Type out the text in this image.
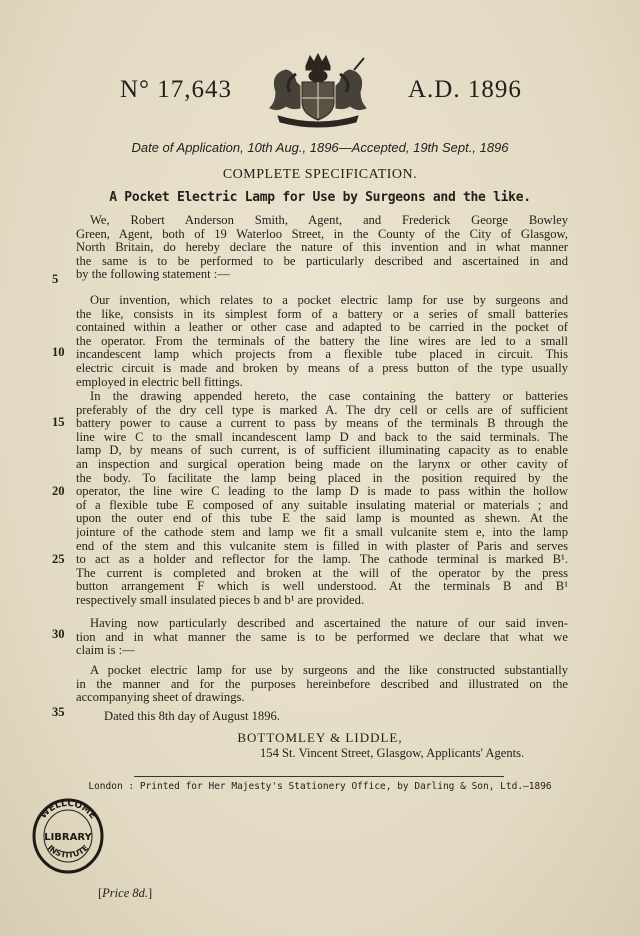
N° 17,643	A.D. 1896
Date of Application, 10th Aug., 1896—Accepted, 19th Sept., 1896
COMPLETE SPECIFICATION.
A Pocket Electric Lamp for Use by Surgeons and the like.
We, Robert Anderson Smith, Agent, and Frederick George Bowley
Green, Agent, both of 19 Waterloo Street, in the County of the City of Glasgow,
North Britain, do hereby declare the nature of this invention and in what manner
the same is to be performed to be particularly described and ascertained in and
by the following statement :—
Our invention, which relates to a pocket electric lamp for use by surgeons and
the like, consists in its simplest form of a battery or a series of small batteries
contained within a leather or other case and adapted to be carried in the pocket of
the operator. From the terminals of the battery the line wires are led to a small
incandescent lamp which projects from a flexible tube placed in circuit. This
electric circuit is made and broken by means of a press button of the type usually
employed in electric bell fittings.
In the drawing appended hereto, the case containing the battery or batteries
preferably of the dry cell type is marked A. The dry cell or cells are of sufficient
battery power to cause a current to pass by means of the terminals B through the
line wire C to the small incandescent lamp D and back to the said terminals. The
lamp D, by means of such current, is of sufficient illuminating capacity as to enable
an inspection and surgical operation being made on the larynx or other cavity of
the body. To facilitate the lamp being placed in the position required by the
operator, the line wire C leading to the lamp D is made to pass within the hollow
of a flexible tube E composed of any suitable insulating material or materials ; and
upon the outer end of this tube E the said lamp is mounted as shewn. At the
jointure of the cathode stem and lamp we fit a small vulcanite stem e, into the lamp
end of the stem and this vulcanite stem is filled in with plaster of Paris and serves
to act as a holder and reflector for the lamp. The cathode terminal is marked B¹.
The current is completed and broken at the will of the operator by the press
button arrangement F which is well understood. At the terminals B and B¹
respectively small insulated pieces b and b¹ are provided.
Having now particularly described and ascertained the nature of our said inven-
tion and in what manner the same is to be performed we declare that what we
claim is :—
A pocket electric lamp for use by surgeons and the like constructed substantially
in the manner and for the purposes hereinbefore described and illustrated on the
accompanying sheet of drawings.
5
10
15
20
25
30
35	Dated this 8th day of August 1896.
BOTTOMLEY & LIDDLE,
154 St. Vincent Street, Glasgow, Applicants' Agents.
London : Printed for Her Majesty's Stationery Office, by Darling & Son, Ltd.—1896
WELLCOME
LIBRARY
INSTITUTE
[Price 8d.]
